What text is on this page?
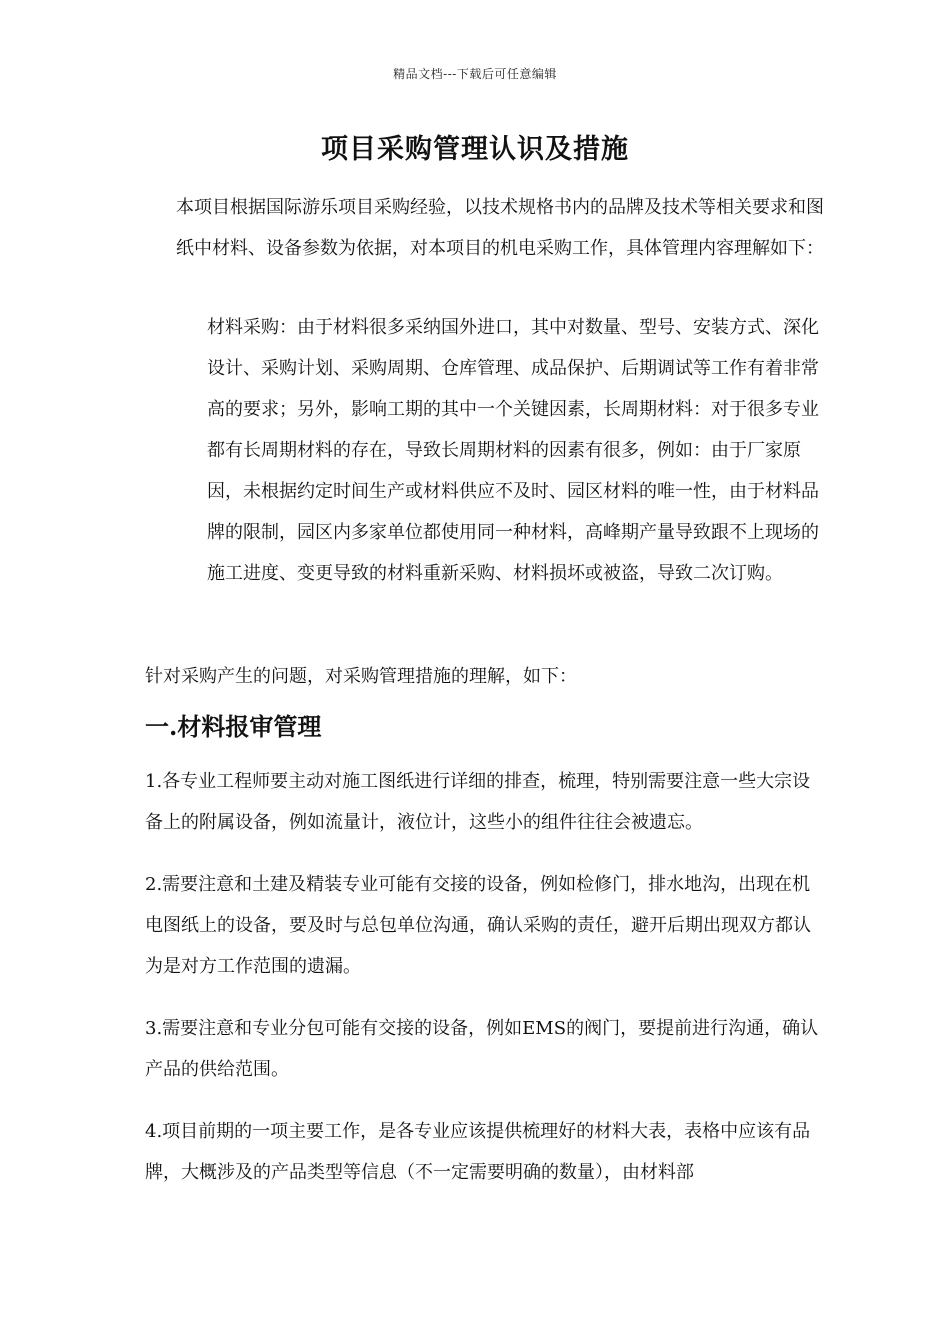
精品文档---下载后可任意编辑
项目采购管理认识及措施
本项目根据国际游乐项目采购经验，以技术规格书内的品牌及技术等相关要求和图纸中材料、设备参数为依据，对本项目的机电采购工作，具体管理内容理解如下：
材料采购：由于材料很多采纳国外进口，其中对数量、型号、安装方式、深化设计、采购计划、采购周期、仓库管理、成品保护、后期调试等工作有着非常高的要求；另外，影响工期的其中一个关键因素，长周期材料：对于很多专业都有长周期材料的存在，导致长周期材料的因素有很多，例如：由于厂家原因，未根据约定时间生产或材料供应不及时、园区材料的唯一性，由于材料品牌的限制，园区内多家单位都使用同一种材料，高峰期产量导致跟不上现场的施工进度、变更导致的材料重新采购、材料损坏或被盗，导致二次订购。
针对采购产生的问题，对采购管理措施的理解，如下：
一.材料报审管理
1.各专业工程师要主动对施工图纸进行详细的排查，梳理，特别需要注意一些大宗设备上的附属设备，例如流量计，液位计，这些小的组件往往会被遗忘。
2.需要注意和土建及精装专业可能有交接的设备，例如检修门，排水地沟，出现在机电图纸上的设备，要及时与总包单位沟通，确认采购的责任，避开后期出现双方都认为是对方工作范围的遗漏。
3.需要注意和专业分包可能有交接的设备，例如EMS的阀门，要提前进行沟通，确认产品的供给范围。
4.项目前期的一项主要工作，是各专业应该提供梳理好的材料大表，表格中应该有品牌，大概涉及的产品类型等信息（不一定需要明确的数量），由材料部
